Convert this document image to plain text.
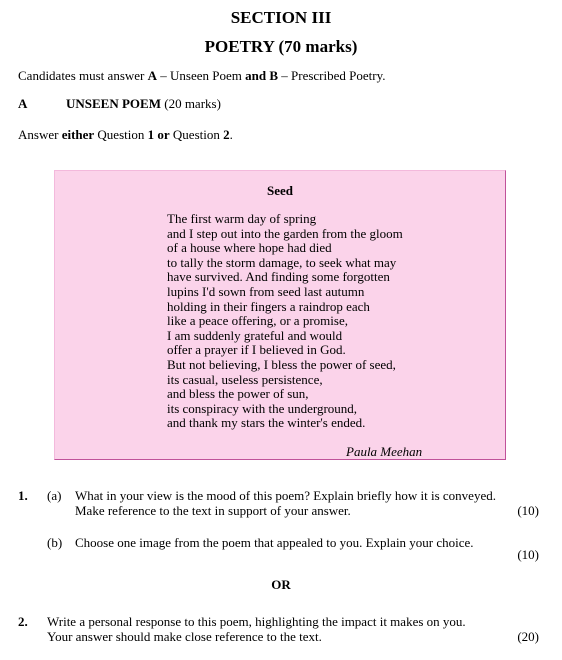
SECTION III
POETRY (70 marks)
Candidates must answer A – Unseen Poem and B – Prescribed Poetry.
A	UNSEEN POEM (20 marks)
Answer either Question 1 or Question 2.
Seed
The first warm day of spring
and I step out into the garden from the gloom
of a house where hope had died
to tally the storm damage, to seek what may
have survived. And finding some forgotten
lupins I'd sown from seed last autumn
holding in their fingers a raindrop each
like a peace offering, or a promise,
I am suddenly grateful and would
offer a prayer if I believed in God.
But not believing, I bless the power of seed,
its casual, useless persistence,
and bless the power of sun,
its conspiracy with the underground,
and thank my stars the winter's ended.
Paula Meehan
1. (a) What in your view is the mood of this poem? Explain briefly how it is conveyed.
Make reference to the text in support of your answer.	(10)
(b) Choose one image from the poem that appealed to you. Explain your choice.
(10)
OR
2. Write a personal response to this poem, highlighting the impact it makes on you.
Your answer should make close reference to the text.	(20)
